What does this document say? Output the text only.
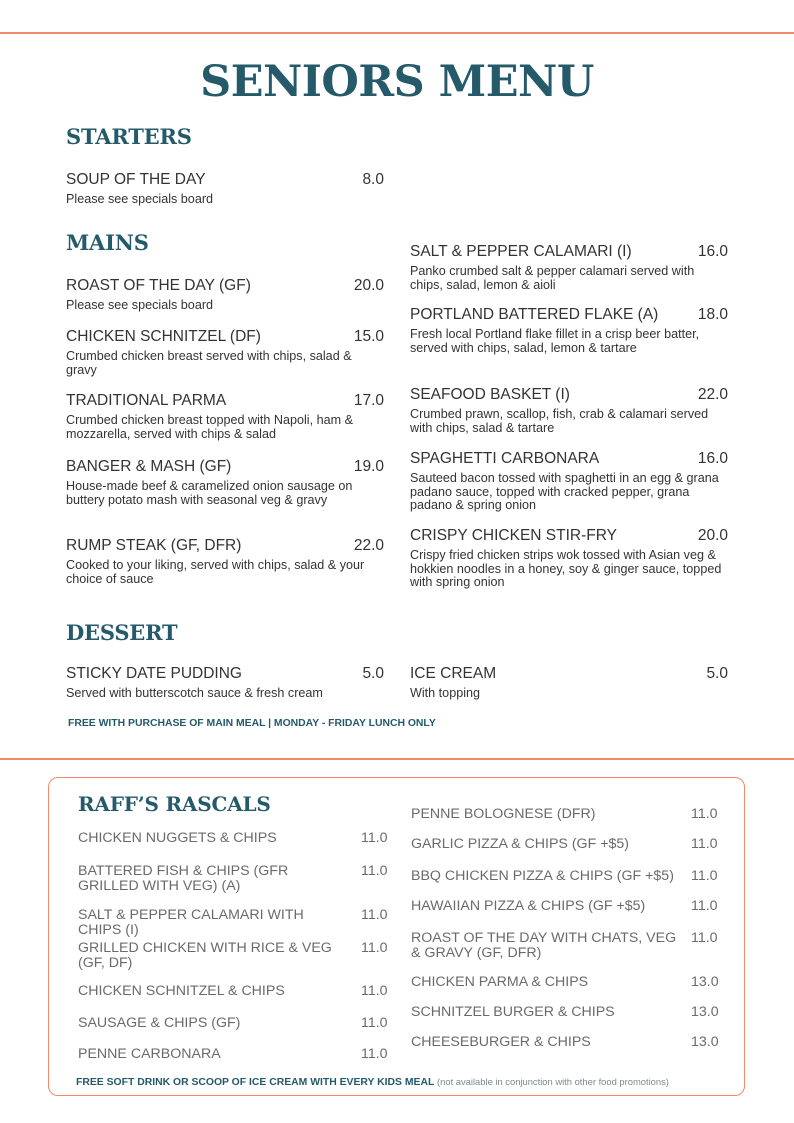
SENIORS MENU
STARTERS
MAINS
DESSERT
FREE WITH PURCHASE OF MAIN MEAL | MONDAY - FRIDAY LUNCH ONLY
RAFF’S RASCALS
FREE SOFT DRINK OR SCOOP OF ICE CREAM WITH EVERY KIDS MEAL (not available in conjunction with other food promotions)
SOUP OF THE DAY	8.0
Please see specials board
ROAST OF THE DAY (GF)	20.0
Please see specials board
CHICKEN SCHNITZEL (DF)	15.0
Crumbed chicken breast served with chips, salad & gravy
TRADITIONAL PARMA	17.0
Crumbed chicken breast topped with Napoli, ham & mozzarella, served with chips & salad
BANGER & MASH (GF)	19.0
House-made beef & caramelized onion sausage on buttery potato mash with seasonal veg & gravy
RUMP STEAK (GF, DFR)	22.0
Cooked to your liking, served with chips, salad & your choice of sauce
SALT & PEPPER CALAMARI (I)	16.0
Panko crumbed salt & pepper calamari served with chips, salad, lemon & aioli
PORTLAND BATTERED FLAKE (A)	18.0
Fresh local Portland flake fillet in a crisp beer batter, served with chips, salad, lemon & tartare
SEAFOOD BASKET (I)	22.0
Crumbed prawn, scallop, fish, crab & calamari served with chips, salad & tartare
SPAGHETTI CARBONARA	16.0
Sauteed bacon tossed with spaghetti in an egg & grana padano sauce, topped with cracked pepper, grana padano & spring onion
CRISPY CHICKEN STIR-FRY	20.0
Crispy fried chicken strips wok tossed with Asian veg & hokkien noodles in a honey, soy & ginger sauce, topped with spring onion
STICKY DATE PUDDING	5.0
Served with butterscotch sauce & fresh cream
ICE CREAM	5.0
With topping
CHICKEN NUGGETS & CHIPS	11.0
BATTERED FISH & CHIPS (GFR GRILLED WITH VEG) (A)
11.0
SALT & PEPPER CALAMARI WITH CHIPS (I)
11.0
GRILLED CHICKEN WITH RICE & VEG (GF, DF)
11.0
CHICKEN SCHNITZEL & CHIPS	11.0
SAUSAGE & CHIPS (GF)	11.0
PENNE CARBONARA	11.0
PENNE BOLOGNESE (DFR)	11.0
GARLIC PIZZA & CHIPS (GF +$5)	11.0
BBQ CHICKEN PIZZA & CHIPS (GF +$5)	11.0
HAWAIIAN PIZZA & CHIPS (GF +$5)	11.0
ROAST OF THE DAY WITH CHATS, VEG & GRAVY (GF, DFR)
11.0
CHICKEN PARMA & CHIPS	13.0
SCHNITZEL BURGER & CHIPS	13.0
CHEESEBURGER & CHIPS	13.0
